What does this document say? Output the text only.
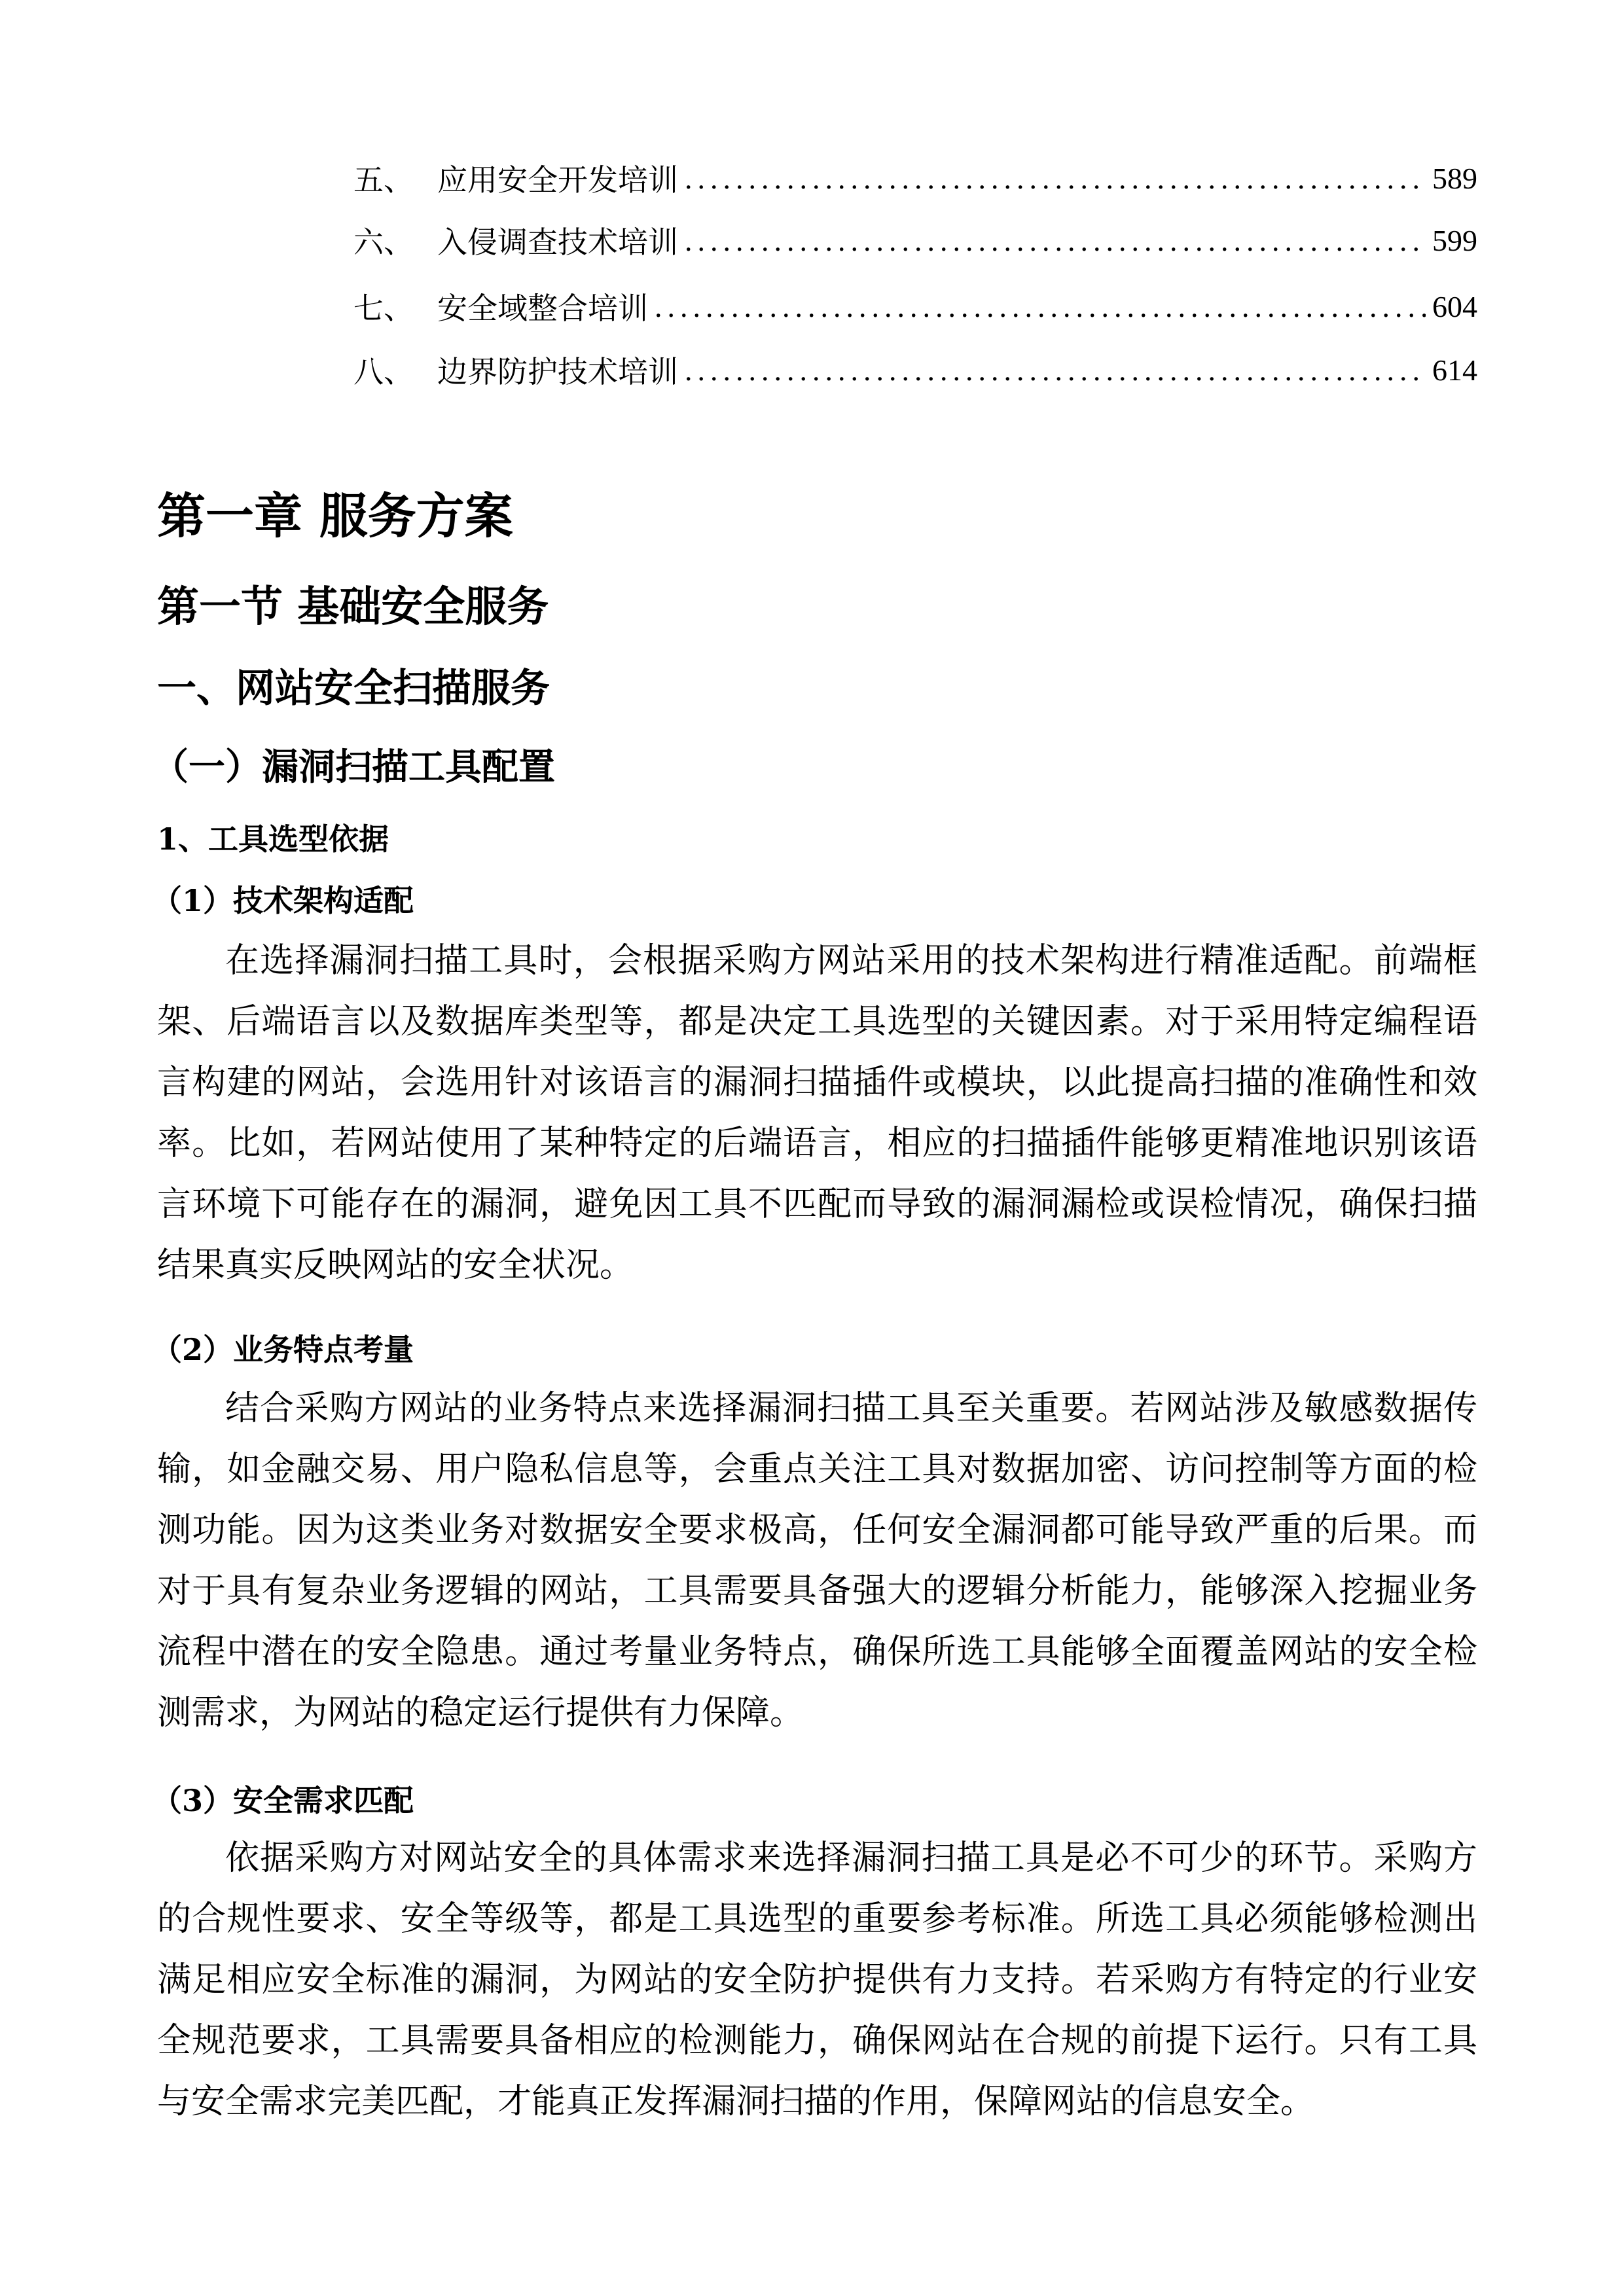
五、 应用安全开发培训 .....	589
六、 入侵调查技术培训 .....	599
七、 安全域整合培训 .....	604
八、 边界防护技术培训 .....	614
第一章 服务方案
第一节 基础安全服务
一、网站安全扫描服务
（一）漏洞扫描工具配置
1、工具选型依据
（1）技术架构适配

在选择漏洞扫描工具时，会根据采购方网站采用的技术架构进行精准适配。前端框架、后端语言以及数据库类型等，都是决定工具选型的关键因素。对于采用特定编程语言构建的网站，会选用针对该语言的漏洞扫描插件或模块，以此提高扫描的准确性和效率。比如，若网站使用了某种特定的后端语言，相应的扫描插件能够更精准地识别该语言环境下可能存在的漏洞，避免因工具不匹配而导致的漏洞漏检或误检情况，确保扫描结果真实反映网站的安全状况。

（2）业务特点考量

结合采购方网站的业务特点来选择漏洞扫描工具至关重要。若网站涉及敏感数据传输，如金融交易、用户隐私信息等，会重点关注工具对数据加密、访问控制等方面的检测功能。因为这类业务对数据安全要求极高，任何安全漏洞都可能导致严重的后果。而对于具有复杂业务逻辑的网站，工具需要具备强大的逻辑分析能力，能够深入挖掘业务流程中潜在的安全隐患。通过考量业务特点，确保所选工具能够全面覆盖网站的安全检测需求，为网站的稳定运行提供有力保障。

（3）安全需求匹配

依据采购方对网站安全的具体需求来选择漏洞扫描工具是必不可少的环节。采购方的合规性要求、安全等级等，都是工具选型的重要参考标准。所选工具必须能够检测出满足相应安全标准的漏洞，为网站的安全防护提供有力支持。若采购方有特定的行业安全规范要求，工具需要具备相应的检测能力，确保网站在合规的前提下运行。只有工具与安全需求完美匹配，才能真正发挥漏洞扫描的作用，保障网站的信息安全。
